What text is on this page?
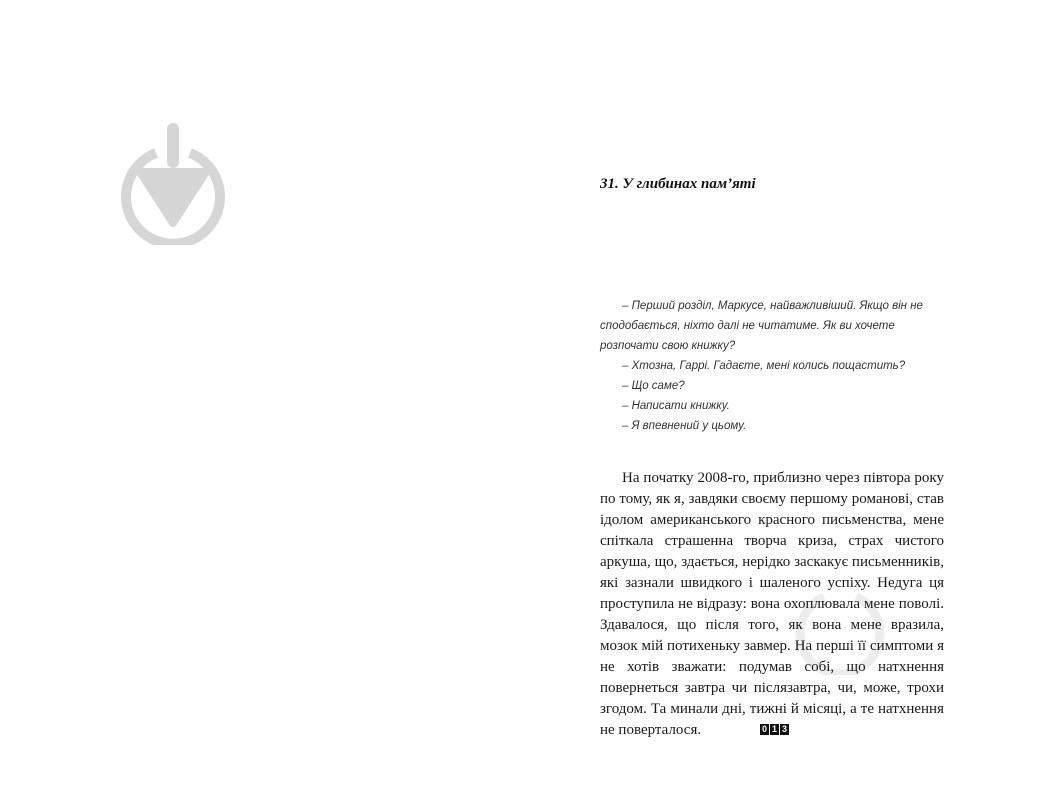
31. У глибинах пам’яті

– Перший розділ, Маркусе, найважливіший. Якщо він не сподобається, ніхто далі не читатиме. Як ви хочете розпочати свою книжку?

– Хтозна, Гаррі. Гадаєте, мені колись пощастить?

– Що саме?

– Написати книжку.

– Я впевнений у цьому.

На початку 2008-го, приблизно через півтора року по тому, як я, завдяки своєму першому романові, став ідолом американського красного письменства, мене спіткала страшенна творча криза, страх чистого аркуша, що, здається, нерідко заскакує письменників, які зазнали швидкого і шаленого успіху. Недуга ця проступила не відразу: вона охоплювала мене поволі. Здавалося, що після того, як вона мене вразила, мозок мій потихеньку завмер. На перші її симптоми я не хотів зважати: подумав собі, що натхнення повернеться завтра чи післязавтра, чи, може, трохи згодом. Та минали дні, тижні й місяці, а те натхнення не поверталося.	0 1 3
